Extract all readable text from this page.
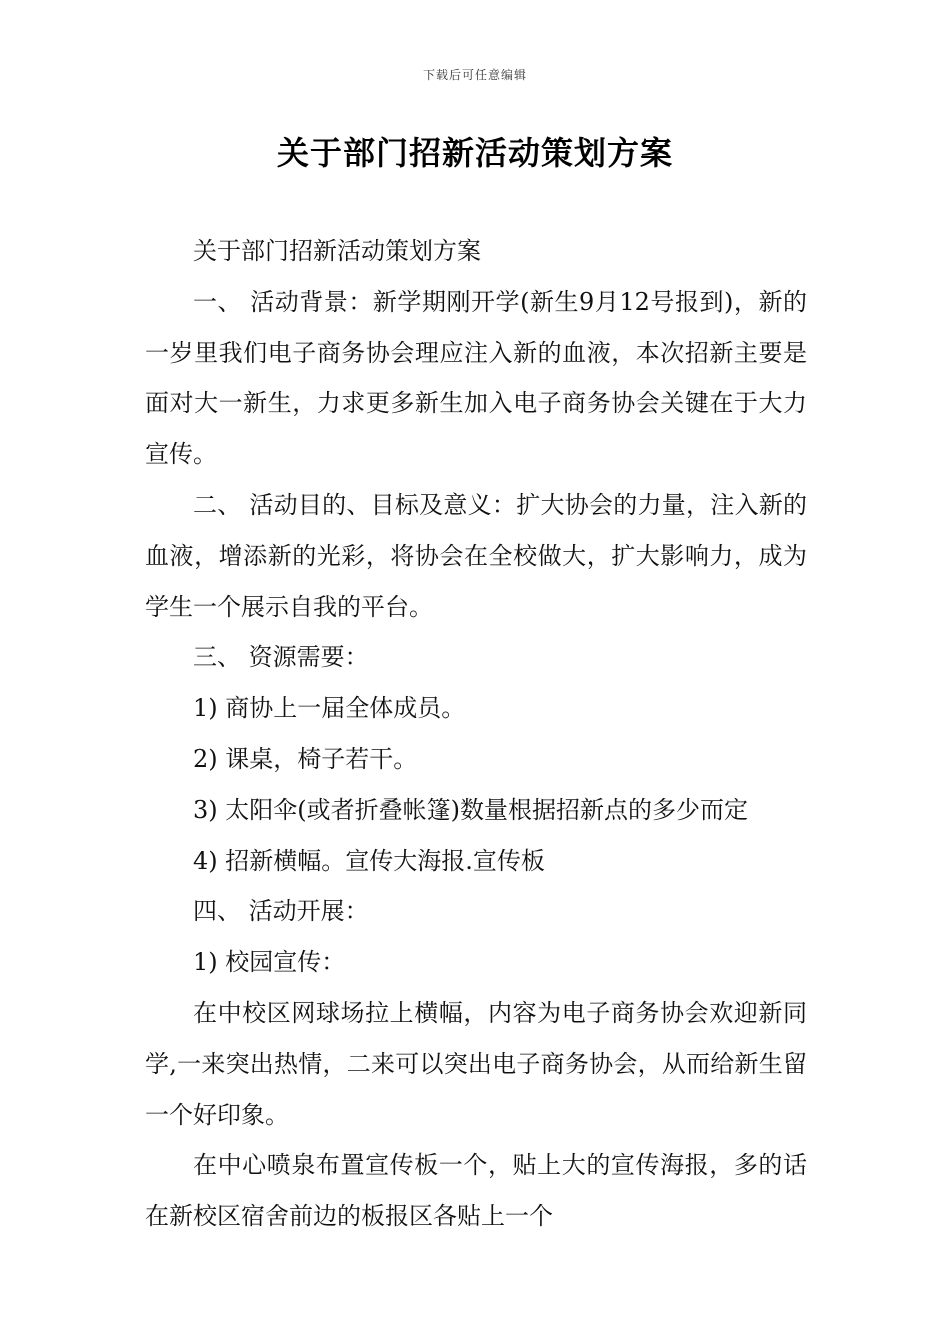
下载后可任意编辑
关于部门招新活动策划方案

关于部门招新活动策划方案

一、 活动背景：新学期刚开学(新生9月12号报到)，新的一岁里我们电子商务协会理应注入新的血液，本次招新主要是面对大一新生，力求更多新生加入电子商务协会关键在于大力宣传。

二、 活动目的、目标及意义：扩大协会的力量，注入新的血液，增添新的光彩，将协会在全校做大，扩大影响力，成为学生一个展示自我的平台。

三、 资源需要：

1) 商协上一届全体成员。

2) 课桌，椅子若干。

3) 太阳伞(或者折叠帐篷)数量根据招新点的多少而定

4) 招新横幅。宣传大海报.宣传板

四、 活动开展：

1) 校园宣传：

在中校区网球场拉上横幅，内容为电子商务协会欢迎新同学,一来突出热情，二来可以突出电子商务协会，从而给新生留一个好印象。

在中心喷泉布置宣传板一个，贴上大的宣传海报，多的话在新校区宿舍前边的板报区各贴上一个
